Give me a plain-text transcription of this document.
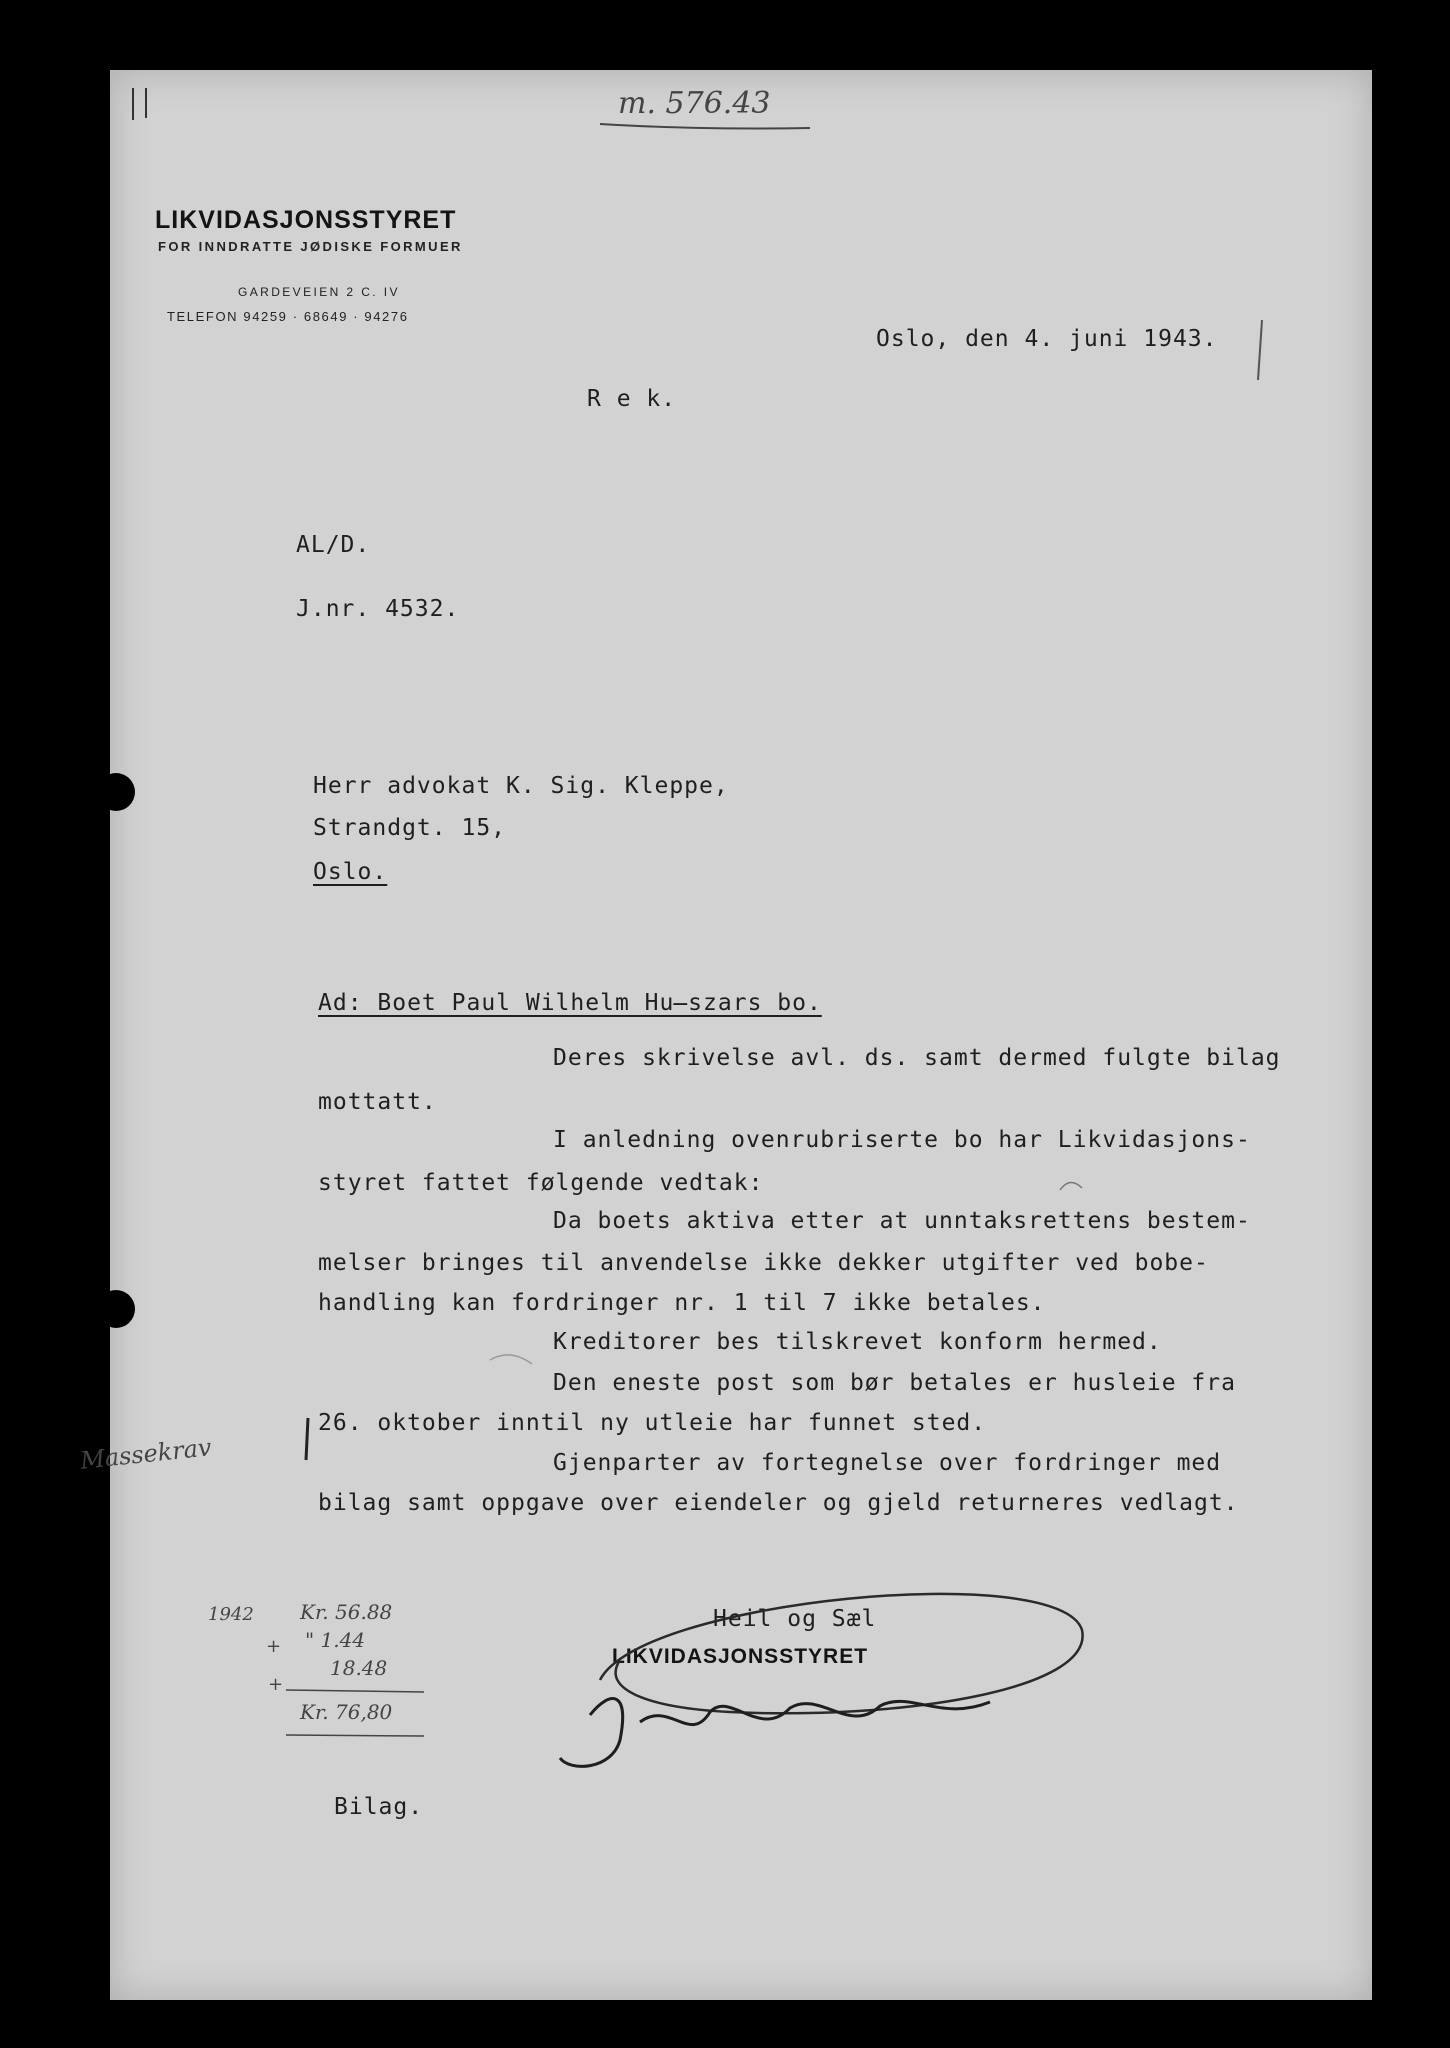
m. 576.43
LIKVIDASJONSSTYRET
FOR INNDRATTE JØDISKE FORMUER
GARDEVEIEN 2 C. IV
TELEFON 94259 · 68649 · 94276
Oslo, den 4. juni 1943.
R e k.
AL/D.
J.nr. 4532.
Herr advokat K. Sig. Kleppe,
Strandgt. 15,
Oslo.
Ad: Boet Paul Wilhelm Hu̶szars bo.
Deres skrivelse avl. ds. samt dermed fulgte bilag
mottatt.
I anledning ovenrubriserte bo har Likvidasjons-
styret fattet følgende vedtak:
Da boets aktiva etter at unntaksrettens bestem-
melser bringes til anvendelse ikke dekker utgifter ved bobe-
handling kan fordringer nr. 1 til 7 ikke betales.
Kreditorer bes tilskrevet konform hermed.
Den eneste post som bør betales er husleie fra
26. oktober inntil ny utleie har funnet sted.
Gjenparter av fortegnelse over fordringer med
bilag samt oppgave over eiendeler og gjeld returneres vedlagt.
Massekrav
1942 Kr. 56.88
" 1.44
18.48
Kr. 76,80
Heil og Sæl
LIKVIDASJONSSTYRET
Bilag.
+
+
